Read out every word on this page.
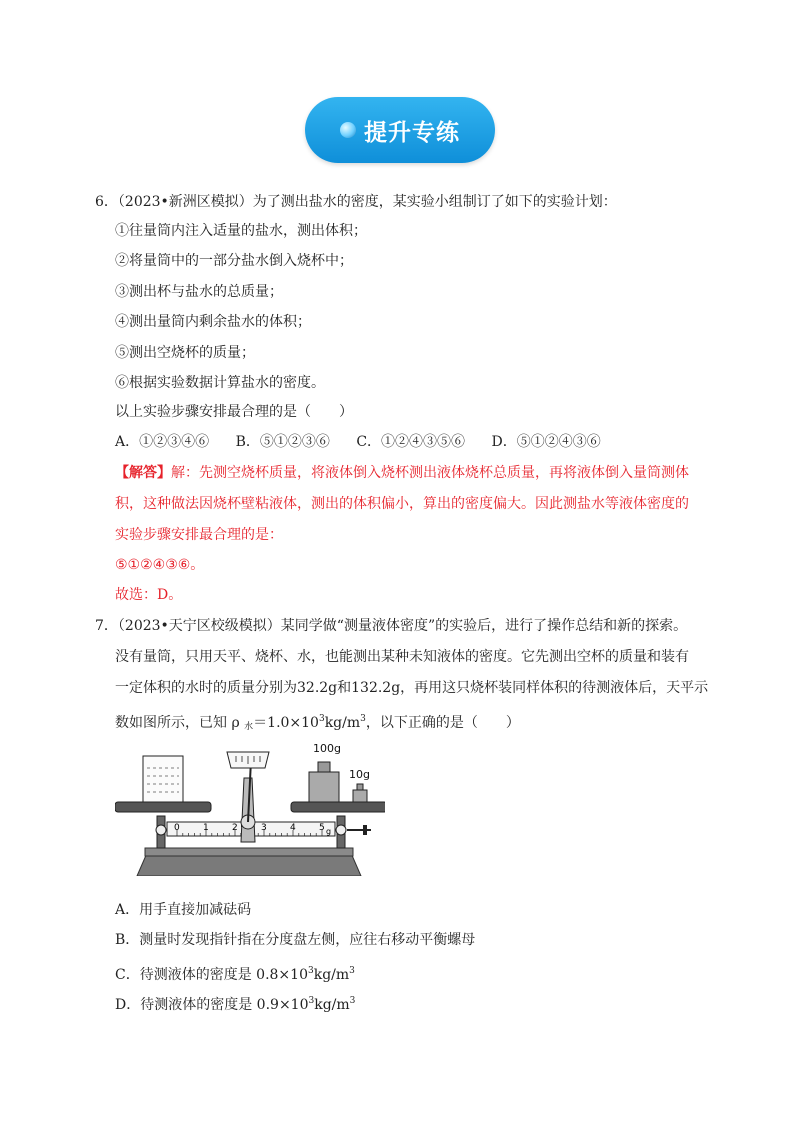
提升专练
6．（2023•新洲区模拟）为了测出盐水的密度，某实验小组制订了如下的实验计划：
①往量筒内注入适量的盐水，测出体积；
②将量筒中的一部分盐水倒入烧杯中；
③测出杯与盐水的总质量；
④测出量筒内剩余盐水的体积；
⑤测出空烧杯的质量；
⑥根据实验数据计算盐水的密度。
以上实验步骤安排最合理的是（　　）
A．①②③④⑥ B．⑤①②③⑥ C．①②④③⑤⑥ D．⑤①②④③⑥
【解答】解：先测空烧杯质量，将液体倒入烧杯测出液体烧杯总质量，再将液体倒入量筒测体
积，这种做法因烧杯壁粘液体，测出的体积偏小，算出的密度偏大。因此测盐水等液体密度的
实验步骤安排最合理的是：
⑤①②④③⑥。
故选：D。
7．（2023•天宁区校级模拟）某同学做“测量液体密度”的实验后，进行了操作总结和新的探索。
没有量筒，只用天平、烧杯、水，也能测出某种未知液体的密度。它先测出空杯的质量和装有
一定体积的水时的质量分别为32.2g和132.2g，再用这只烧杯装同样体积的待测液体后，天平示
数如图所示，已知 ρ $_水=1.0\times 10^3kg/m^3$，以下正确的是（　　）
100g
10g
0	1	2	3	4	5 g
A．用手直接加减砝码
B．测量时发现指针指在分度盘左侧，应往右移动平衡螺母
C．待测液体的密度是 $0.8\times 10^3kg/m^3$
D．待测液体的密度是 $0.9\times 10^3kg/m^3$
